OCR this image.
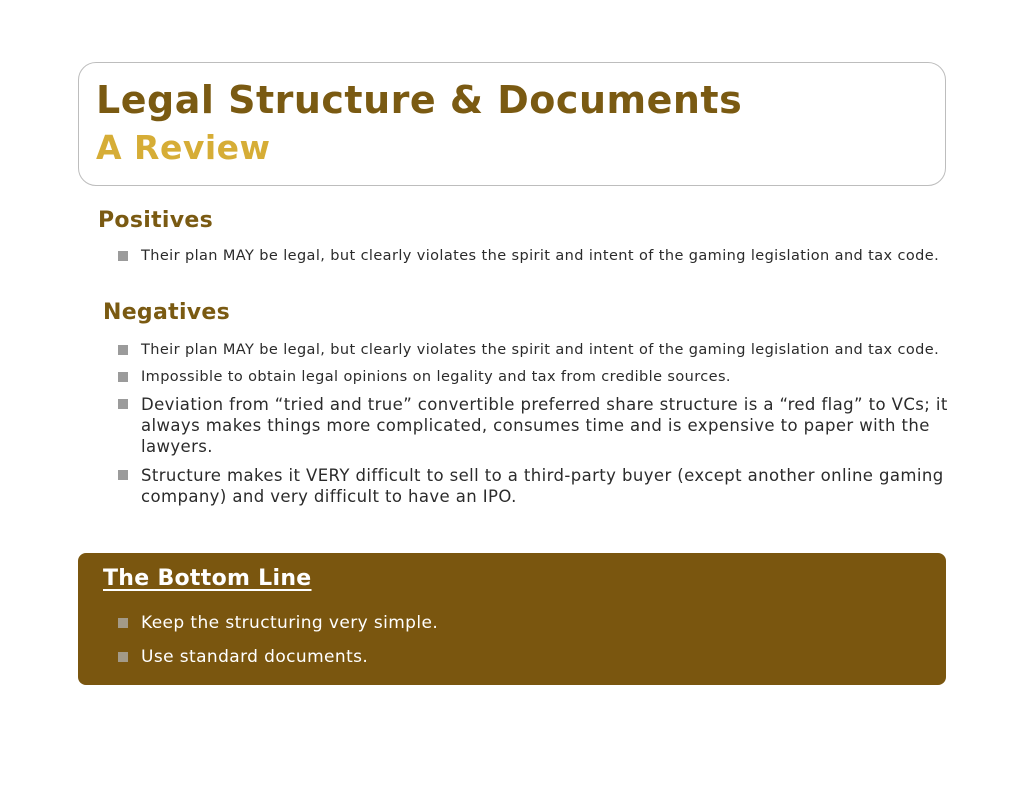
Legal Structure & Documents
A Review
Positives
Their plan MAY be legal, but clearly violates the spirit and intent of the gaming legislation and tax code.
Negatives
Their plan MAY be legal, but clearly violates the spirit and intent of the gaming legislation and tax code.
Impossible to obtain legal opinions on legality and tax from credible sources.
Deviation from “tried and true” convertible preferred share structure is a “red flag” to VCs; it always makes things more complicated, consumes time and is expensive to paper with the lawyers.
Structure makes it VERY difficult to sell to a third-party buyer (except another online gaming company) and very difficult to have an IPO.
The Bottom Line
Keep the structuring very simple.
Use standard documents.
